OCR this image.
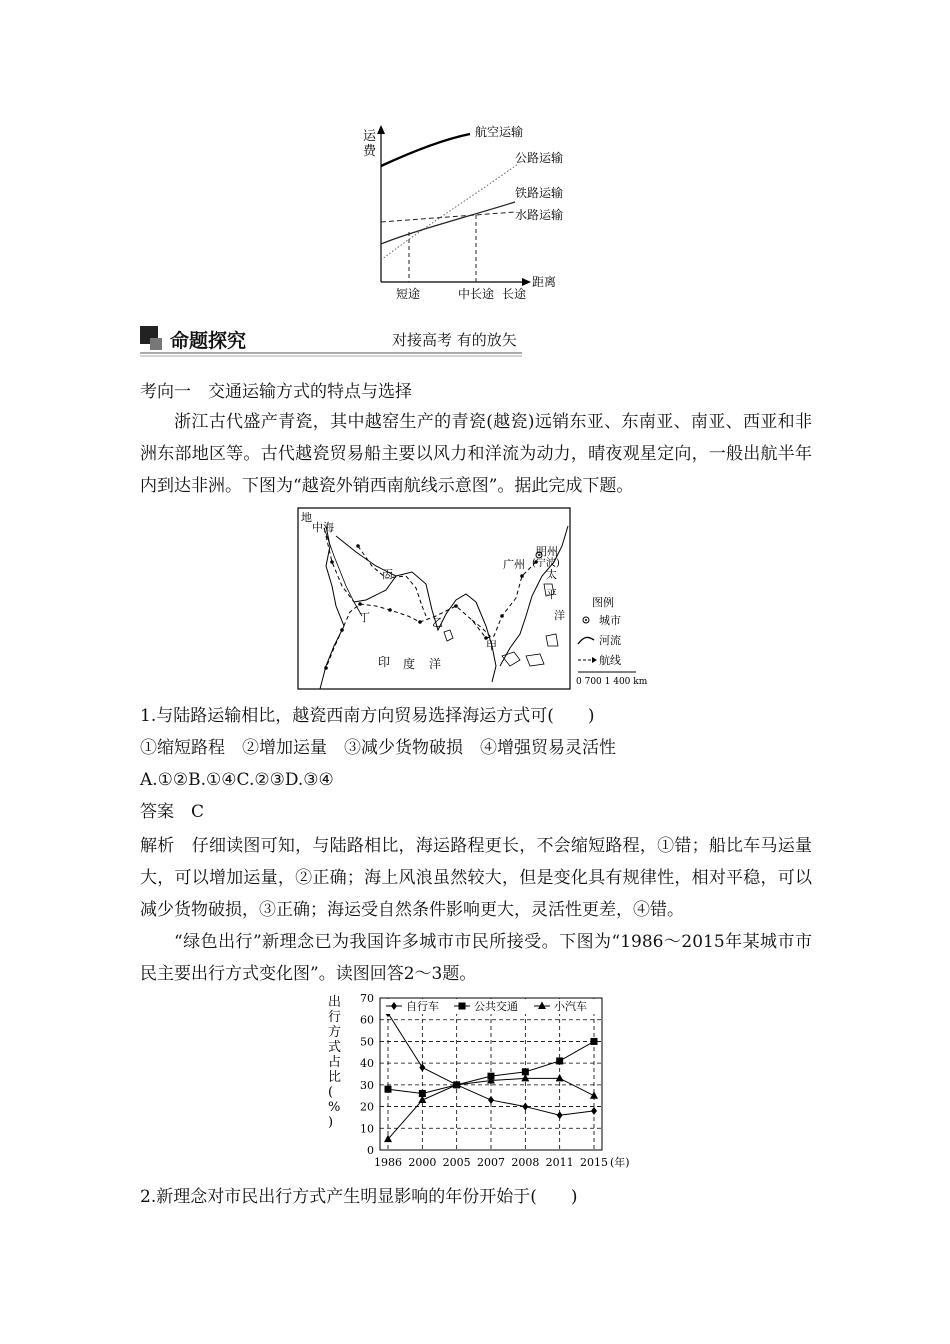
运
费
航空运输
公路运输
铁路运输
水路运输
短途	中长途 长途
距离
命题探究	对接高考 有的放矢
考向一　交通运输方式的特点与选择
浙江古代盛产青瓷，其中越窑生产的青瓷(越瓷)远销东亚、东南亚、南亚、西亚和非洲东部地区等。古代越瓷贸易船主要以风力和洋流为动力，晴夜观星定向，一般出航半年内到达非洲。下图为“越瓷外销西南航线示意图”。据此完成下题。
地
中海
明州
(宁波)
广州
太
平
洋
丙
丁	乙
甲
印 度 洋
图例
城市
河流
航线
0 700 1 400 km
1.与陆路运输相比，越瓷西南方向贸易选择海运方式可(　　)
①缩短路程　②增加运量　③减少货物破损　④增强贸易灵活性
A.①②B.①④C.②③D.③④
答案　C
解析　仔细读图可知，与陆路相比，海运路程更长，不会缩短路程，①错；船比车马运量大，可以增加运量，②正确；海上风浪虽然较大，但是变化具有规律性，相对平稳，可以减少货物破损，③正确；海运受自然条件影响更大，灵活性更差，④错。
“绿色出行”新理念已为我国许多城市市民所接受。下图为“1986～2015年某城市市民主要出行方式变化图”。读图回答2～3题。
出行方式占比( % )
0
10
20
30
40
50
60
70
1986 2000 2005 2007 2008 2011 2015 (年)
自行车	公共交通	小汽车
2.新理念对市民出行方式产生明显影响的年份开始于(　　)
